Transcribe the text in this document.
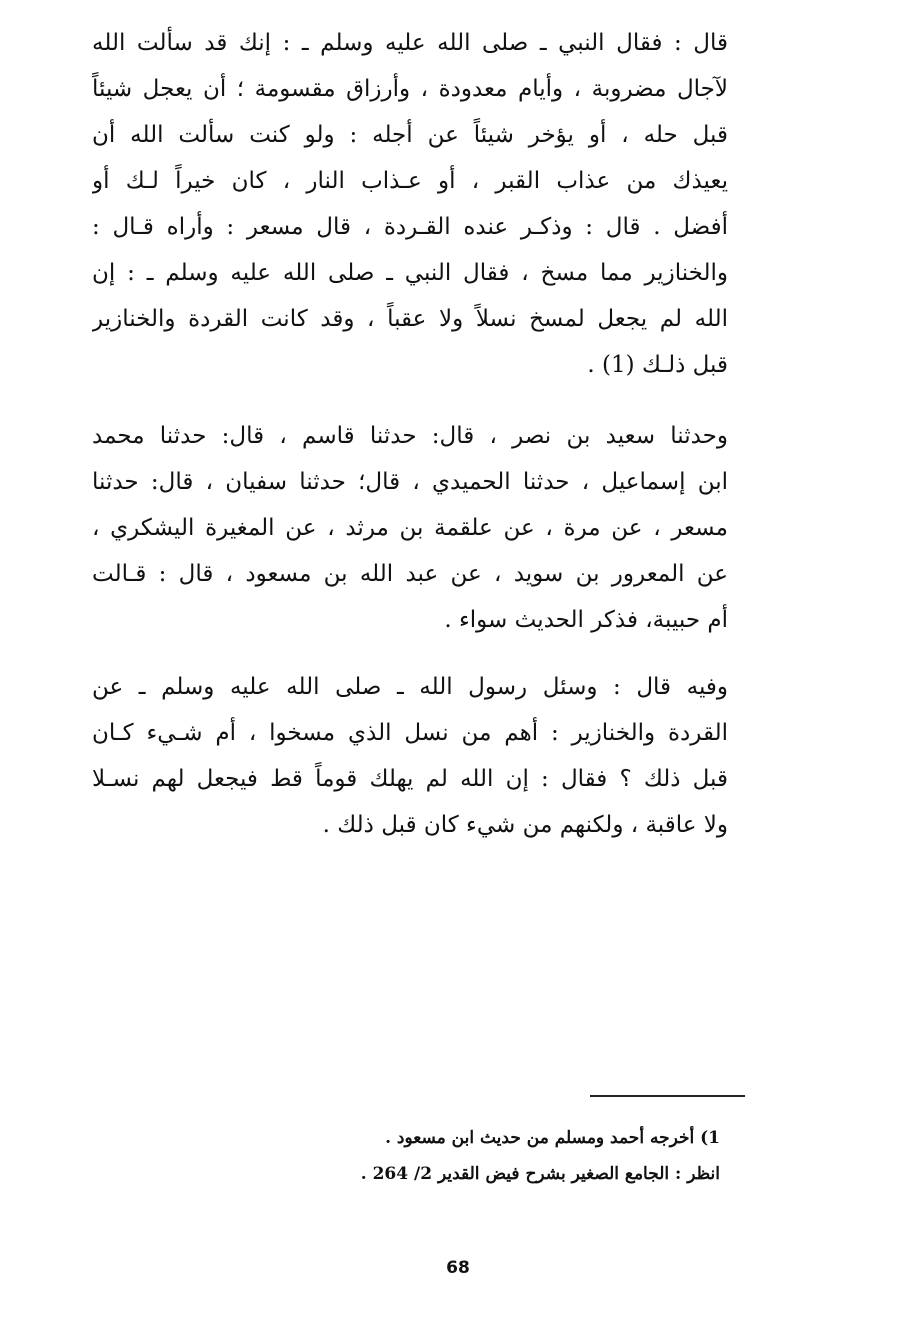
قال : فقال النبي ـ صلى الله عليه وسلم ـ : إنك قد سألت الله
لآجال مضروبة ، وأيام معدودة ، وأرزاق مقسومة ؛ أن يعجل شيئاً
قبل حله ، أو يؤخر شيئاً عن أجله : ولو كنت سألت الله أن
يعيذك من عذاب القبر ، أو عـذاب النار ، كان خيراً لـك أو
أفضل . قال : وذكـر عنده القـردة ، قال مسعر : وأراه قـال :
والخنازير مما مسخ ، فقال النبي ـ صلى الله عليه وسلم ـ : إن
الله لم يجعل لمسخ نسلاً ولا عقباً ، وقد كانت القردة والخنازير
قبل ذلـك (1) .
وحدثنا سعيد بن نصر ، قال: حدثنا قاسم ، قال: حدثنا محمد
ابن إسماعيل ، حدثنا الحميدي ، قال؛ حدثنا سفيان ، قال: حدثنا
مسعر ، عن مرة ، عن علقمة بن مرثد ، عن المغيرة اليشكري ،
عن المعرور بن سويد ، عن عبد الله بن مسعود ، قال : قـالت
أم حبيبة، فذكر الحديث سواء .
وفيه قال : وسئل رسول الله ـ صلى الله عليه وسلم ـ عن
القردة والخنازير : أهم من نسل الذي مسخوا ، أم شـيء كـان
قبل ذلك ؟ فقال : إن الله لم يهلك قوماً قط فيجعل لهم نسـلا
ولا عاقبة ، ولكنهم من شيء كان قبل ذلك .
1) أخرجه أحمد ومسلم من حديث ابن مسعود .
انظر : الجامع الصغير بشرح فيض القدير 2/ 264 .
68
